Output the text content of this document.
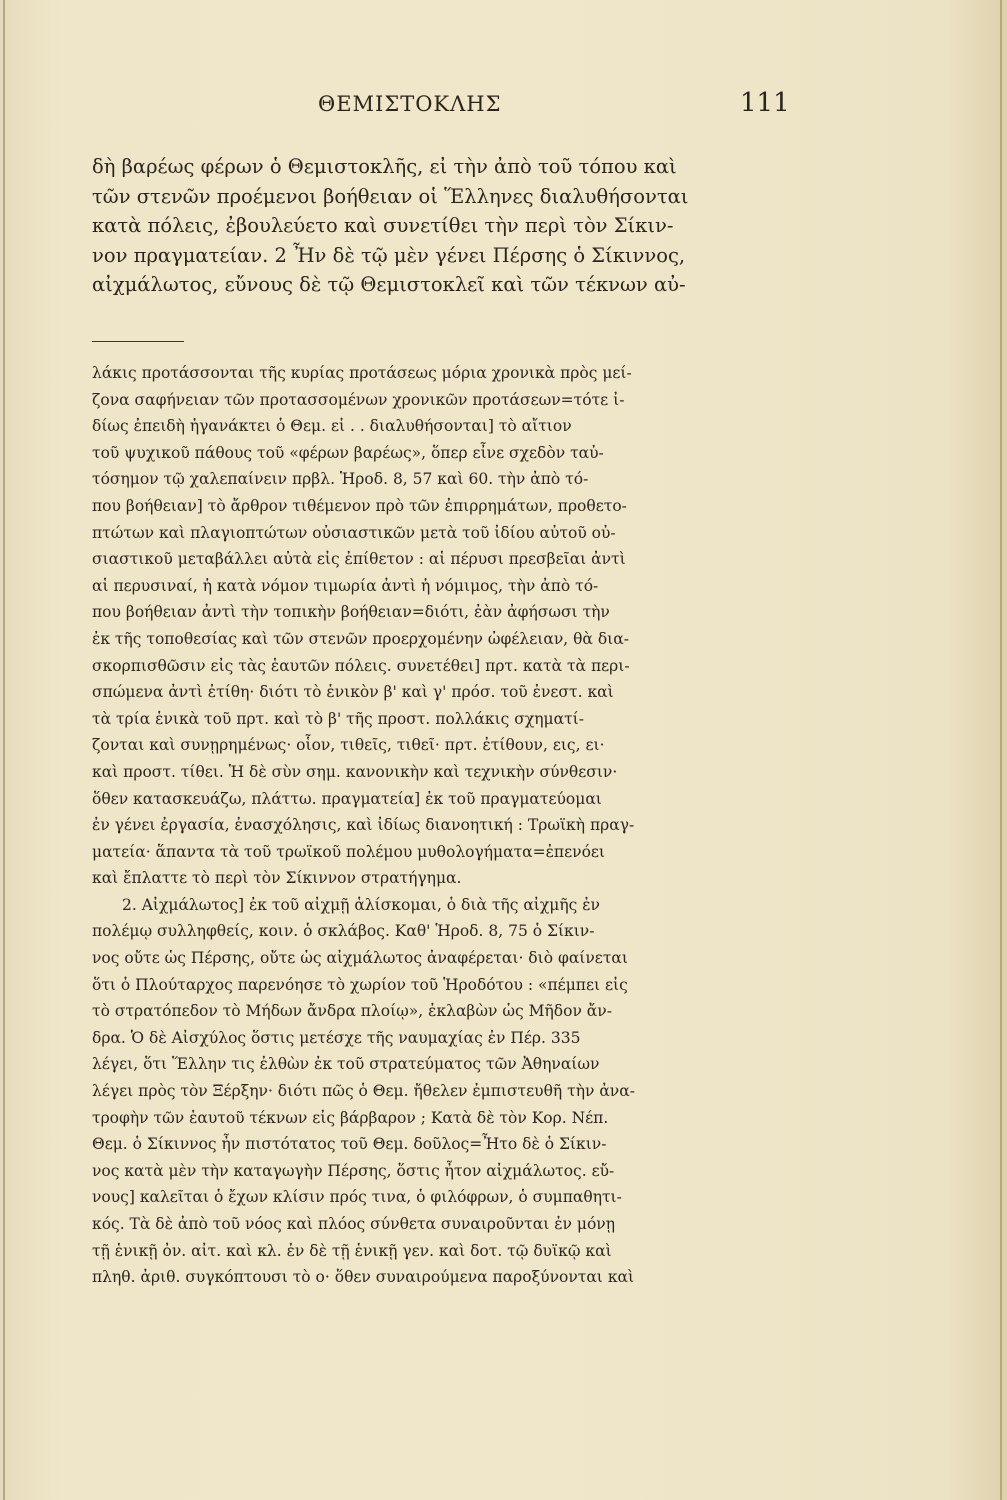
ΘΕΜΙΣΤΟΚΛΗΣ	111
δὴ βαρέως φέρων ὁ Θεμιστοκλῆς, εἰ τὴν ἀπὸ τοῦ τόπου καὶ
τῶν στενῶν προέμενοι βοήθειαν οἱ Ἕλληνες διαλυθήσονται
κατὰ πόλεις, ἐβουλεύετο καὶ συνετίθει τὴν περὶ τὸν Σίκιν-
νον πραγματείαν. 2 Ἦν δὲ τῷ μὲν γένει Πέρσης ὁ Σίκιννος,
αἰχμάλωτος, εὔνους δὲ τῷ Θεμιστοκλεῖ καὶ τῶν τέκνων αὐ-
λάκις προτάσσονται τῆς κυρίας προτάσεως μόρια χρονικὰ πρὸς μεί-
ζονα σαφήνειαν τῶν προτασσομένων χρονικῶν προτάσεων=τότε ἰ-
δίως ἐπειδὴ ἠγανάκτει ὁ Θεμ. εἰ . . διαλυθήσονται] τὸ αἴτιον
τοῦ ψυχικοῦ πάθους τοῦ «φέρων βαρέως», ὅπερ εἶνε σχεδὸν ταὐ-
τόσημον τῷ χαλεπαίνειν πρβλ. Ἡροδ. 8, 57 καὶ 60. τὴν ἀπὸ τό-
που βοήθειαν] τὸ ἄρθρον τιθέμενον πρὸ τῶν ἐπιρρημάτων, προθετο-
πτώτων καὶ πλαγιοπτώτων οὐσιαστικῶν μετὰ τοῦ ἰδίου αὐτοῦ οὐ-
σιαστικοῦ μεταβάλλει αὐτὰ εἰς ἐπίθετον : αἱ πέρυσι πρεσβεῖαι ἀντὶ
αἱ περυσιναί, ἡ κατὰ νόμον τιμωρία ἀντὶ ἡ νόμιμος, τὴν ἀπὸ τό-
που βοήθειαν ἀντὶ τὴν τοπικὴν βοήθειαν=διότι, ἐὰν ἀφήσωσι τὴν
ἐκ τῆς τοποθεσίας καὶ τῶν στενῶν προερχομένην ὠφέλειαν, θὰ δια-
σκορπισθῶσιν εἰς τὰς ἑαυτῶν πόλεις. συνετέθει] πρτ. κατὰ τὰ περι-
σπώμενα ἀντὶ ἐτίθη· διότι τὸ ἑνικὸν β' καὶ γ' πρόσ. τοῦ ἐνεστ. καὶ
τὰ τρία ἑνικὰ τοῦ πρτ. καὶ τὸ β' τῆς προστ. πολλάκις σχηματί-
ζονται καὶ συνῃρημένως· οἷον, τιθεῖς, τιθεῖ· πρτ. ἐτίθουν, εις, ει·
καὶ προστ. τίθει. Ἡ δὲ σὺν σημ. κανονικὴν καὶ τεχνικὴν σύνθεσιν·
ὅθεν κατασκευάζω, πλάττω. πραγματεία] ἐκ τοῦ πραγματεύομαι
ἐν γένει ἐργασία, ἐνασχόλησις, καὶ ἰδίως διανοητική : Τρωϊκὴ πραγ-
ματεία· ἅπαντα τὰ τοῦ τρωϊκοῦ πολέμου μυθολογήματα=ἐπενόει
καὶ ἔπλαττε τὸ περὶ τὸν Σίκιννον στρατήγημα.
2. Αἰχμάλωτος] ἐκ τοῦ αἰχμῇ ἁλίσκομαι, ὁ διὰ τῆς αἰχμῆς ἐν
πολέμῳ συλληφθείς, κοιν. ὁ σκλάβος. Καθ' Ἡροδ. 8, 75 ὁ Σίκιν-
νος οὔτε ὡς Πέρσης, οὔτε ὡς αἰχμάλωτος ἀναφέρεται· διὸ φαίνεται
ὅτι ὁ Πλούταρχος παρενόησε τὸ χωρίον τοῦ Ἡροδότου : «πέμπει εἰς
τὸ στρατόπεδον τὸ Μήδων ἄνδρα πλοίῳ», ἐκλαβὼν ὡς Μῆδον ἄν-
δρα. Ὁ δὲ Αἰσχύλος ὅστις μετέσχε τῆς ναυμαχίας ἐν Πέρ. 335
λέγει, ὅτι Ἕλλην τις ἐλθὼν ἐκ τοῦ στρατεύματος τῶν Ἀθηναίων
λέγει πρὸς τὸν Ξέρξην· διότι πῶς ὁ Θεμ. ἤθελεν ἐμπιστευθῆ τὴν ἀνα-
τροφὴν τῶν ἑαυτοῦ τέκνων εἰς βάρβαρον ; Κατὰ δὲ τὸν Κορ. Νέπ.
Θεμ. ὁ Σίκιννος ἦν πιστότατος τοῦ Θεμ. δοῦλος=Ἦτο δὲ ὁ Σίκιν-
νος κατὰ μὲν τὴν καταγωγὴν Πέρσης, ὅστις ἦτον αἰχμάλωτος. εὔ-
νους] καλεῖται ὁ ἔχων κλίσιν πρός τινα, ὁ φιλόφρων, ὁ συμπαθητι-
κός. Τὰ δὲ ἀπὸ τοῦ νόος καὶ πλόος σύνθετα συναιροῦνται ἐν μόνῃ
τῇ ἑνικῇ ὀν. αἰτ. καὶ κλ. ἐν δὲ τῇ ἑνικῇ γεν. καὶ δοτ. τῷ δυϊκῷ καὶ
πληθ. ἀριθ. συγκόπτουσι τὸ ο· ὅθεν συναιρούμενα παροξύνονται καὶ
